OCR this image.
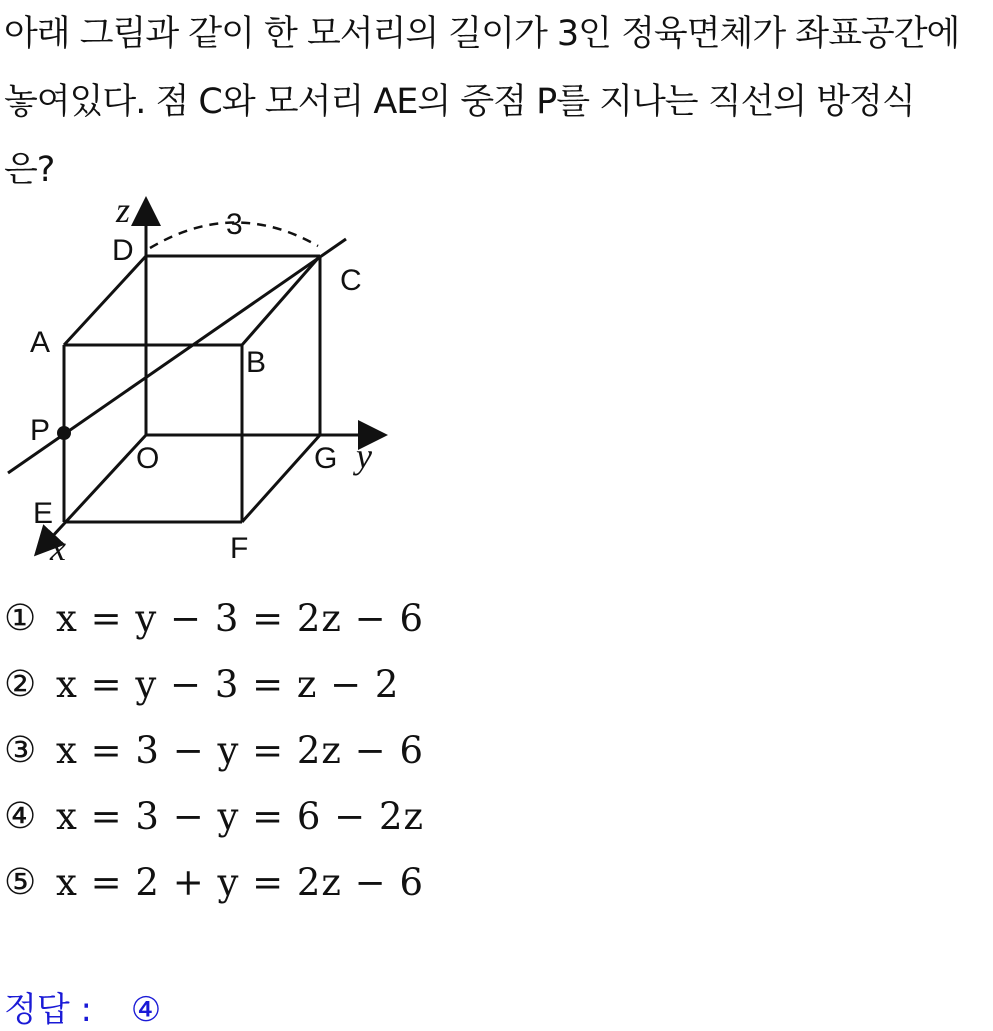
아래 그림과 같이 한 모서리의 길이가 3인 정육면체가 좌표공간에
놓여있다. 점 C와 모서리 AE의 중점 P를 지나는 직선의 방정식
은?
D
C
A
B
P
O	G
E
F
3
z
y
x
① x = y − 3 = 2z − 6
② x = y − 3 = z − 2
③ x = 3 − y = 2z − 6
④ x = 3 − y = 6 − 2z
⑤ x = 2 + y = 2z − 6
정답 : ④
